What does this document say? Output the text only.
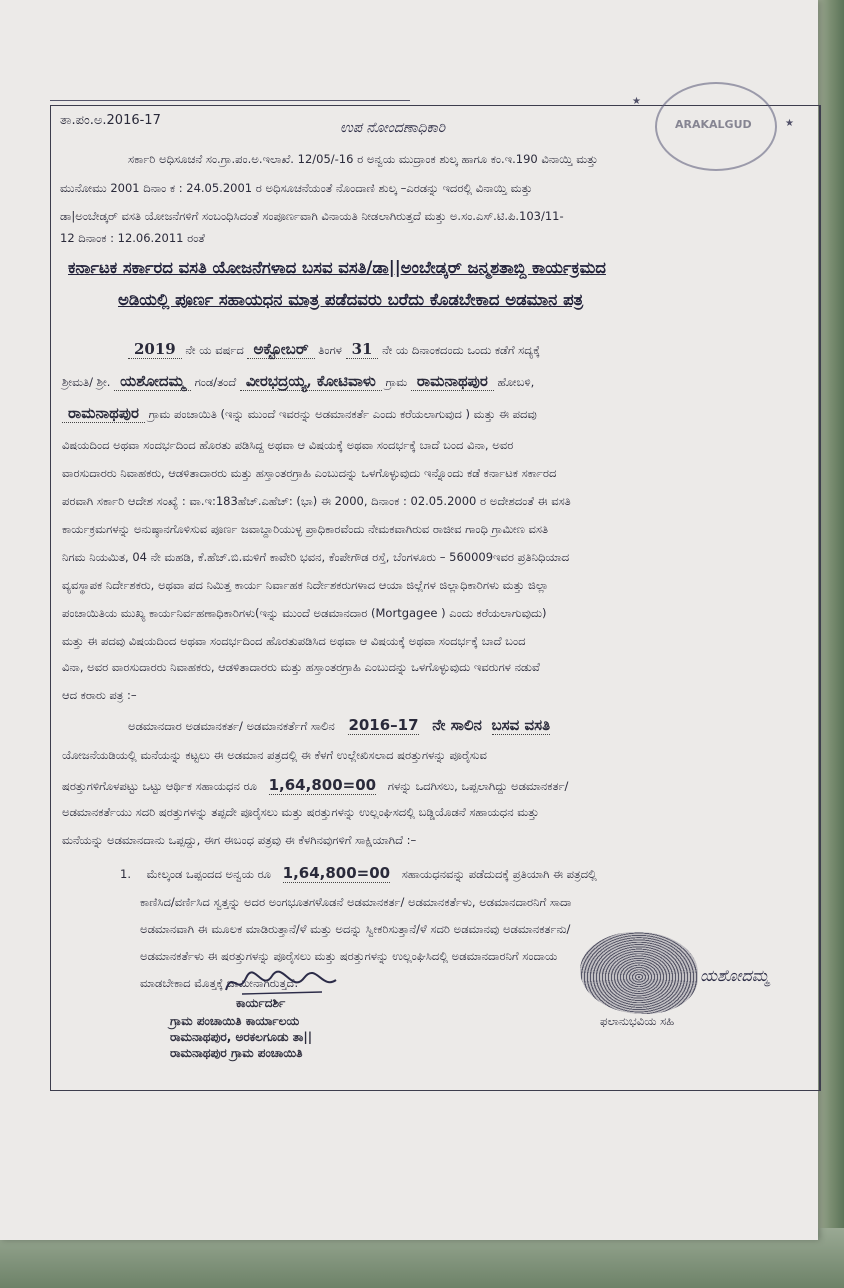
ARAKALGUD
★
★
ತಾ.ಪಂ.ಅ.2016-17	ಉಪ ನೋಂದಣಾಧಿಕಾರಿ
ಸರ್ಕಾರಿ ಅಧಿಸೂಚನೆ ಸಂ.ಗ್ರಾ.ಪಂ.ಅ.ಇಲಾಖೆ. 12/05/-16 ರ ಅನ್ವಯ ಮುದ್ರಾಂಕ ಶುಲ್ಕ ಹಾಗೂ ಕಂ.ಇ.190 ವಿನಾಯ್ತಿ ಮತ್ತು
ಮುನೋಮು 2001 ದಿನಾಂ ಕ : 24.05.2001 ರ ಅಧಿಸೂಚನೆಯಂತೆ ನೊಂದಾಣಿ ಶುಲ್ಕ –ಎರಡನ್ನು ಇದರಲ್ಲಿ ವಿನಾಯ್ತಿ ಮತ್ತು
ಡಾ|ಅಂಬೇಡ್ಕರ್ ವಸತಿ ಯೋಜನೆಗಳಿಗೆ ಸಂಬಂಧಿಸಿದಂತೆ ಸಂಪೂರ್ಣವಾಗಿ ವಿನಾಯತಿ ನೀಡಲಾಗಿರುತ್ತದೆ ಮತ್ತು ಅ.ಸಂ.ಎಸ್.ಟಿ.ಪಿ.103/11-
12 ದಿನಾಂಕ : 12.06.2011 ರಂತೆ
ಕರ್ನಾಟಕ ಸರ್ಕಾರದ ವಸತಿ ಯೋಜನೆಗಳಾದ ಬಸವ ವಸತಿ/ಡಾ||ಅಂಬೇಡ್ಕರ್ ಜನ್ಮಶತಾಬ್ದಿ ಕಾರ್ಯಕ್ರಮದ
ಅಡಿಯಲ್ಲಿ ಪೂರ್ಣ ಸಹಾಯಧನ ಮಾತ್ರ ಪಡೆದವರು ಬರೆದು ಕೊಡಬೇಕಾದ ಅಡಮಾನ ಪತ್ರ
2019 ನೇ ಯ ವರ್ಷದ ಅಕ್ಟೋಬರ್ ತಿಂಗಳ 31 ನೇ ಯ ದಿನಾಂಕದಂದು ಒಂದು ಕಡೆಗೆ ಸದ್ಯಕ್ಕೆ
ಶ್ರೀಮತಿ/ ಶ್ರೀ. ಯಶೋದಮ್ಮ ಗಂಡ/ತಂದೆ ವೀರಭದ್ರಯ್ಯ, ಕೋಟಿವಾಳು ಗ್ರಾಮ ರಾಮನಾಥಪುರ ಹೋಬಳಿ,
ರಾಮನಾಥಪುರ ಗ್ರಾಮ ಪಂಚಾಯಿತಿ (ಇನ್ನು ಮುಂದೆ ಇವರನ್ನು ಅಡಮಾನಕರ್ತೆ ಎಂದು ಕರೆಯಲಾಗುವುದ ) ಮತ್ತು ಈ ಪದವು
ವಿಷಯದಿಂದ ಅಥವಾ ಸಂದರ್ಭದಿಂದ ಹೊರತು ಪಡಿಸಿದ್ದ ಅಥವಾ ಆ ವಿಷಯಕ್ಕೆ ಅಥವಾ ಸಂದರ್ಭಕ್ಕೆ ಬಾದೆ ಬಂದ ವಿನಾ, ಅವರ
ವಾರಸುದಾರರು ನಿವಾಹಕರು, ಆಡಳಿತಾದಾರರು ಮತ್ತು ಹಸ್ತಾಂತರಗ್ರಾಹಿ ಎಂಬುದನ್ನು ಒಳಗೊಳ್ಳುವುದು ಇನ್ನೊಂದು ಕಡೆ ಕರ್ನಾಟಕ ಸರ್ಕಾರದ
ಪರವಾಗಿ ಸರ್ಕಾರಿ ಆದೇಶ ಸಂಖ್ಯೆ : ವಾ.ಇ:183ಹೆಚ್.ಎಹೆಚ್: (ಭಾ) ಈ 2000, ದಿನಾಂಕ : 02.05.2000 ರ ಅದೇಶದಂತೆ ಈ ವಸತಿ
ಕಾರ್ಯಕ್ರಮಗಳನ್ನು ಅನುಷ್ಠಾನಗೊಳಿಸುವ ಪೂರ್ಣ ಜವಾಬ್ದಾರಿಯುಳ್ಳ ಪ್ರಾಧಿಕಾರವೆಂದು ನೇಮಕವಾಗಿರುವ ರಾಜೀವ ಗಾಂಧಿ ಗ್ರಾಮೀಣ ವಸತಿ
ನಿಗಮ ನಿಯಮಿತ, 04 ನೇ ಮಹಡಿ, ಕೆ.ಹೆಚ್.ಬಿ.ಮಳಿಗೆ ಕಾವೇರಿ ಭವನ, ಕೆಂಪೇಗೌಡ ರಸ್ತೆ, ಬೆಂಗಳೂರು – 560009ಇವರ ಪ್ರತಿನಿಧಿಯಾದ
ವ್ಯವಸ್ಥಾಪಕ ನಿರ್ದೇಶಕರು, ಅಥವಾ ಪದ ನಿಮಿತ್ತ ಕಾರ್ಯ ನಿರ್ವಾಹಕ ನಿರ್ದೇಶಕರುಗಳಾದ ಆಯಾ ಜಿಲ್ಲೆಗಳ ಜಿಲ್ಲಾಧಿಕಾರಿಗಳು ಮತ್ತು ಜಿಲ್ಲಾ
ಪಂಚಾಯಿತಿಯ ಮುಖ್ಯ ಕಾರ್ಯನಿರ್ವಹಣಾಧಿಕಾರಿಗಳು(ಇನ್ನು ಮುಂದೆ ಅಡಮಾನದಾರ (Mortgagee ) ಎಂದು ಕರೆಯಲಾಗುವುದು)
ಮತ್ತು ಈ ಪದವು ವಿಷಯದಿಂದ ಅಥವಾ ಸಂದರ್ಭದಿಂದ ಹೊರತುಪಡಿಸಿದ ಅಥವಾ ಆ ವಿಷಯಕ್ಕೆ ಅಥವಾ ಸಂದರ್ಭಕ್ಕೆ ಬಾದೆ ಬಂದ
ವಿನಾ, ಅವರ ವಾರಸುದಾರರು ನಿವಾಹಕರು, ಆಡಳಿತಾದಾರರು ಮತ್ತು ಹಸ್ತಾಂತರಗ್ರಾಹಿ ಎಂಬುದನ್ನು ಒಳಗೊಳ್ಳುವುದು ಇವರುಗಳ ನಡುವೆ
ಆದ ಕರಾರು ಪತ್ರ :–
ಅಡಮಾನದಾರ ಅಡಮಾನಕರ್ತ/ ಅಡಮಾನಕರ್ತೆಗೆ ಸಾಲಿನ 2016–17 ನೇ ಸಾಲಿನ ಬಸವ ವಸತಿ
ಯೋಜನೆಯಡಿಯಲ್ಲಿ ಮನೆಯನ್ನು ಕಟ್ಟಲು ಈ ಅಡಮಾನ ಪತ್ರದಲ್ಲಿ ಈ ಕೆಳಗೆ ಉಲ್ಲೇಖಿಸಲಾದ ಷರತ್ತುಗಳನ್ನು ಪೂರೈಸುವ
ಷರತ್ತುಗಳಿಗೊಳಪಟ್ಟು ಒಟ್ಟು ಆರ್ಥಿಕ ಸಹಾಯಧನ ರೂ 1,64,800=00 ಗಳನ್ನು ಒದಗಿಸಲು, ಒಪ್ಪಲಾಗಿದ್ದು ಅಡಮಾನಕರ್ತ/
ಅಡಮಾನಕರ್ತೆಯು ಸದರಿ ಷರತ್ತುಗಳನ್ನು ತಪ್ಪದೇ ಪೂರೈಸಲು ಮತ್ತು ಷರತ್ತುಗಳನ್ನು ಉಲ್ಲಂಘಿಸದಲ್ಲಿ ಬಡ್ಡಿಯೊಡನೆ ಸಹಾಯಧನ ಮತ್ತು
ಮನೆಯನ್ನು ಅಡಮಾನದಾನು ಒಪ್ಪದ್ದು, ಈಗ ಈಬಂಧ ಪತ್ರವು ಈ ಕೆಳಗಿನವುಗಳಿಗೆ ಸಾಕ್ಷಿಯಾಗಿದೆ :–
1. ಮೇಲ್ಕಂಡ ಒಪ್ಪಂದದ ಅನ್ವಯ ರೂ 1,64,800=00 ಸಹಾಯಧನವನ್ನು ಪಡೆದುದಕ್ಕೆ ಪ್ರತಿಯಾಗಿ ಈ ಪತ್ರದಲ್ಲಿ
ಕಾಣಿಸಿದ/ವರ್ಣಿಸಿದ ಸ್ವತ್ತನ್ನು ಅದರ ಅಂಗಭೂತಗಳೊಡನೆ ಅಡಮಾನಕರ್ತ/ ಅಡಮಾನಕರ್ತೆಳು, ಅಡಮಾನದಾರನಿಗೆ ಸಾದಾ
ಅಡಮಾನವಾಗಿ ಈ ಮೂಲಕ ಮಾಡಿರುತ್ತಾನೆ/ಳೆ ಮತ್ತು ಅದನ್ನು ಸ್ವೀಕರಿಸುತ್ತಾನೆ/ಳೆ ಸದರಿ ಅಡಮಾನವು ಅಡಮಾನಕರ್ತನು/
ಅಡಮಾನಕರ್ತೆಳು ಈ ಷರತ್ತುಗಳನ್ನು ಪೂರೈಸಲು ಮತ್ತು ಷರತ್ತುಗಳನ್ನು ಉಲ್ಲಂಘಿಸಿದಲ್ಲಿ ಅಡಮಾನದಾರನಿಗೆ ಸಂದಾಯ
ಮಾಡಬೇಕಾದ ಮೊತ್ತಕ್ಕೆ ಜಾಮೀನಾಗಿರುತ್ತದೆ.
ಕಾರ್ಯದರ್ಶಿ
ಗ್ರಾಮ ಪಂಚಾಯಿತಿ ಕಾರ್ಯಾಲಯ
ರಾಮನಾಥಪುರ, ಅರಕಲಗೂಡು ತಾ||
ರಾಮನಾಥಪುರ ಗ್ರಾಮ ಪಂಚಾಯಿತಿ
ಯಶೋದಮ್ಮ
ಫಲಾನುಭವಿಯ ಸಹಿ
